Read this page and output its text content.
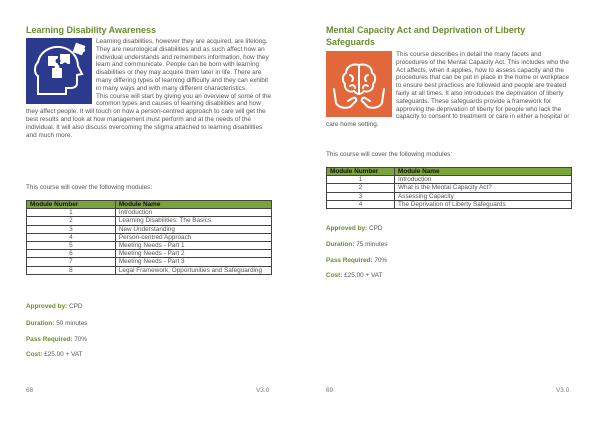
Learning Disability Awareness

Learning disabilities, however they are acquired, are lifelong. They are neurological disabilities and as such affect how an individual understands and remembers information, how they learn and communicate. People can be born with learning disabilities or they may acquire them later in life. There are many differing types of learning difficulty and they can exhibit in many ways and with many different characteristics.

This course will start by giving you an overview of some of the common types and causes of learning disabilities and how they affect people. It will touch on how a person-centred approach to care will get the best results and look at how management must perform and at the needs of the individual. It will also discuss overcoming the stigma attached to learning disabilities and much more.

This course will cover the following modules:
Module Number	Module Name
1	Introduction
2	Learning Disabilities: The Basics
3	New Understanding
4	Person-centred Approach
5	Meeting Needs - Part 1
6	Meeting Needs - Part 2
7	Meeting Needs - Part 3
8	Legal Framework, Opportunities and Safeguarding
Approved by: CPD
Duration: 50 minutes
Pass Required: 70%
Cost: £25.00 + VAT
68	V3.0
Mental Capacity Act and Deprivation of Liberty Safeguards

This course describes in detail the many facets and procedures of the Mental Capacity Act. This includes who the Act affects, when it applies, how to assess capacity and the procedures that can be put in place in the home or workplace to ensure best practices are followed and people are treated fairly at all times. It also introduces the deprivation of liberty safeguards. These safeguards provide a framework for approving the deprivation of liberty for people who lack the capacity to consent to treatment or care in either a hospital or care home setting.

This course will cover the following modules:
Module Number	Module Name
1	Introduction
2	What is the Mental Capacity Act?
3	Assessing Capacity
4	The Deprivation of Liberty Safeguards
Approved by: CPD
Duration: 75 minutes
Pass Required: 70%
Cost: £25.00 + VAT
69	V3.0
